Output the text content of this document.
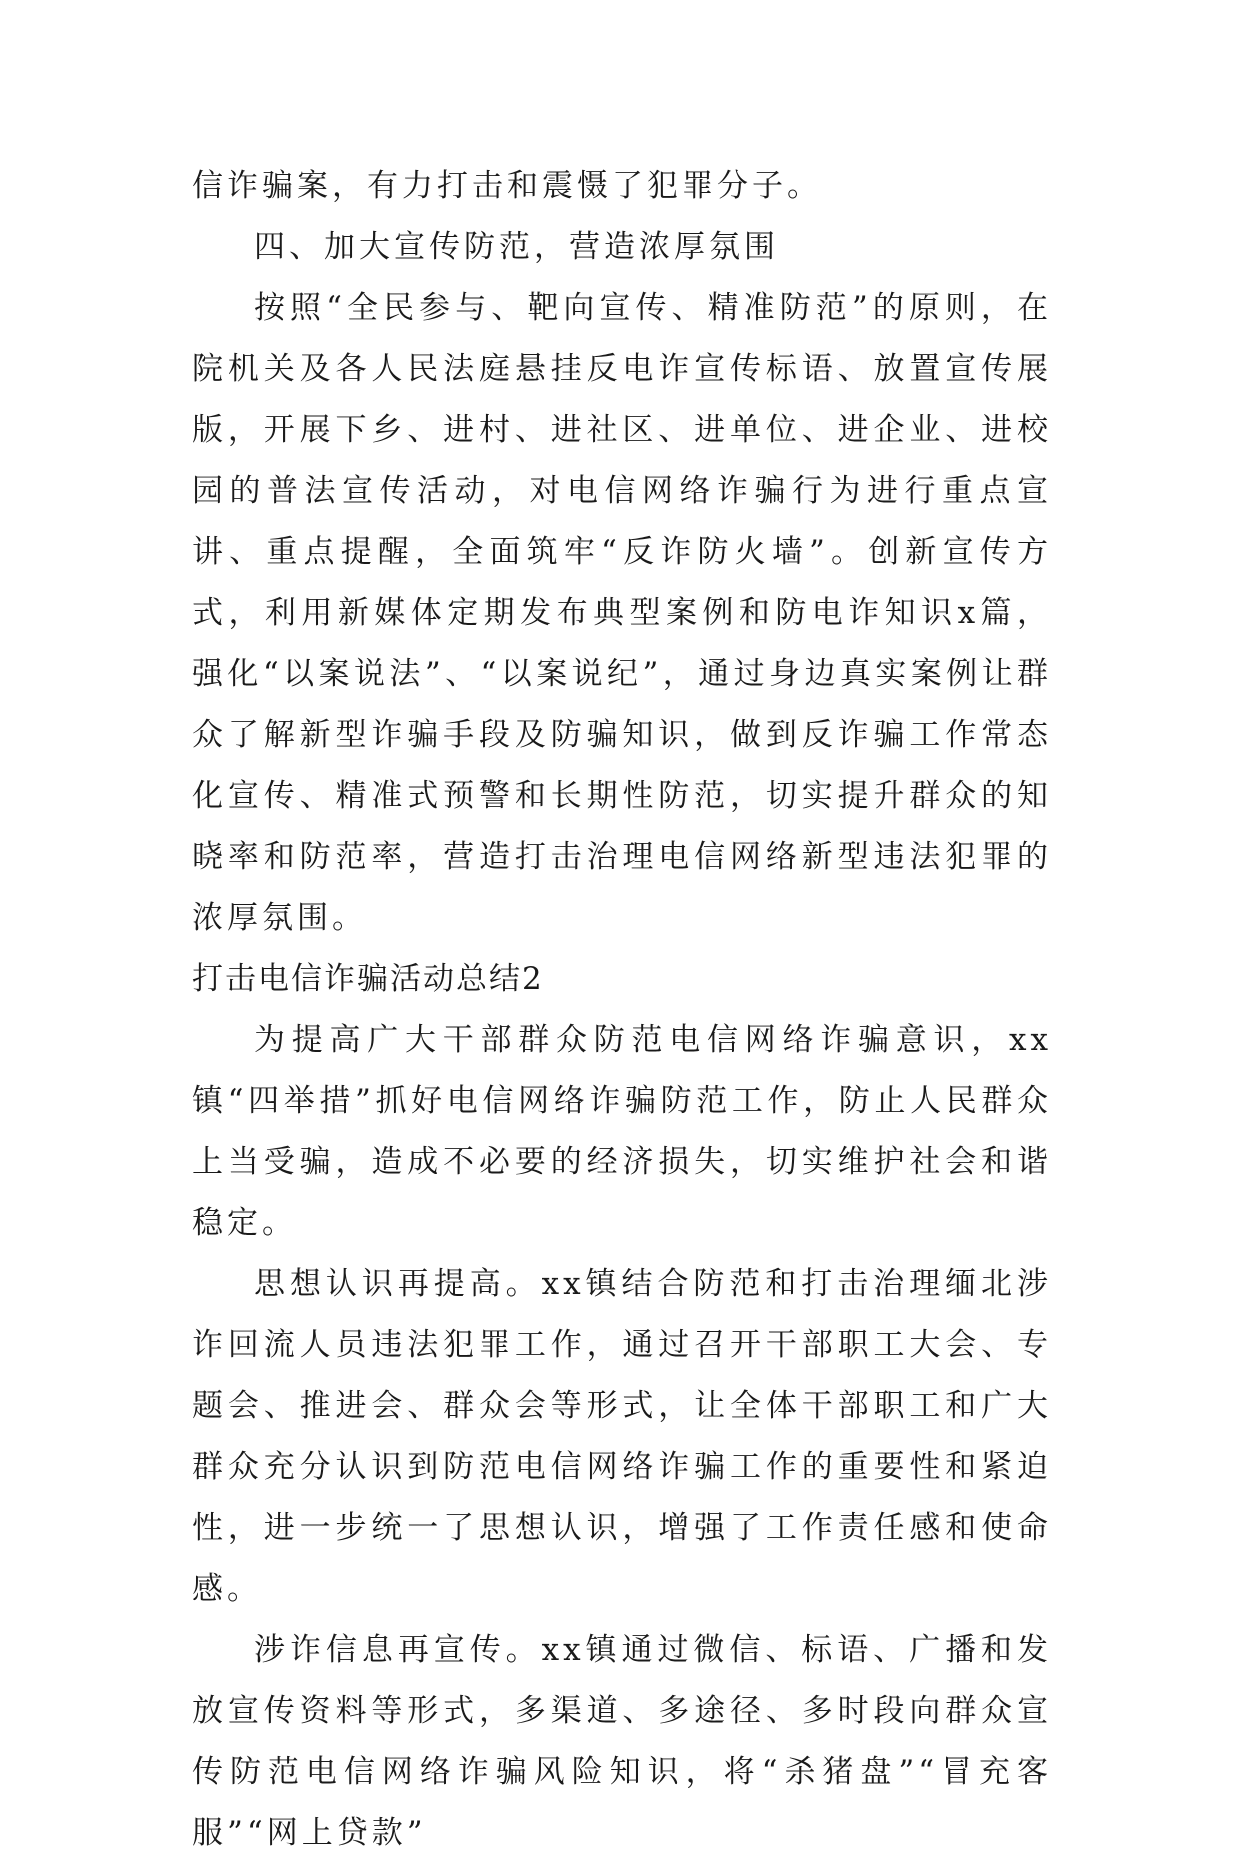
信诈骗案，有力打击和震慑了犯罪分子。

四、加大宣传防范，营造浓厚氛围

按照“全民参与、靶向宣传、精准防范”的原则，在院机关及各人民法庭悬挂反电诈宣传标语、放置宣传展版，开展下乡、进村、进社区、进单位、进企业、进校园的普法宣传活动，对电信网络诈骗行为进行重点宣讲、重点提醒，全面筑牢“反诈防火墙”。创新宣传方式，利用新媒体定期发布典型案例和防电诈知识x篇，强化“以案说法”、“以案说纪”，通过身边真实案例让群众了解新型诈骗手段及防骗知识，做到反诈骗工作常态化宣传、精准式预警和长期性防范，切实提升群众的知晓率和防范率，营造打击治理电信网络新型违法犯罪的浓厚氛围。

打击电信诈骗活动总结2

为提高广大干部群众防范电信网络诈骗意识，xx镇“四举措”抓好电信网络诈骗防范工作，防止人民群众上当受骗，造成不必要的经济损失，切实维护社会和谐稳定。

思想认识再提高。xx镇结合防范和打击治理缅北涉诈回流人员违法犯罪工作，通过召开干部职工大会、专题会、推进会、群众会等形式，让全体干部职工和广大群众充分认识到防范电信网络诈骗工作的重要性和紧迫性，进一步统一了思想认识，增强了工作责任感和使命感。

涉诈信息再宣传。xx镇通过微信、标语、广播和发放宣传资料等形式，多渠道、多途径、多时段向群众宣传防范电信网络诈骗风险知识，将“杀猪盘”“冒充客服”“网上贷款”
